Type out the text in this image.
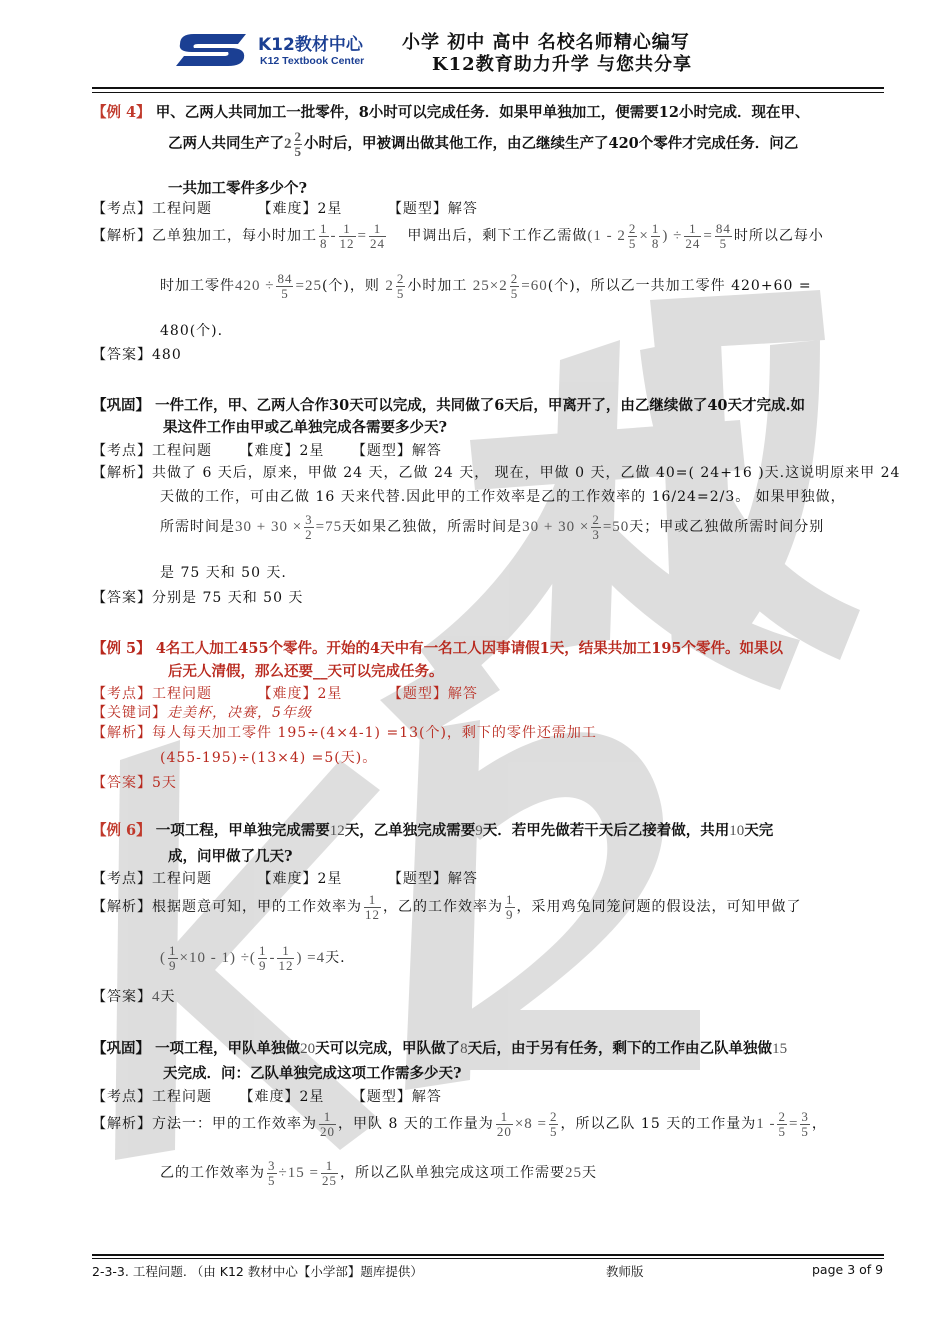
K12教材中心
K12 Textbook Center
小学 初中 高中 名校名师精心编写
K12教育助力升学 与您共分享
【例 4】 甲、乙两人共同加工一批零件，8小时可以完成任务．如果甲单独加工，便需要12小时完成．现在甲、
乙两人共同生产了$2 \frac{2}{5}$ 小时后，甲被调出做其他工作，由乙继续生产了420个零件才完成任务．问乙
一共加工零件多少个?
【考点】工程问题	【难度】2星	【题型】解答
【解析】乙单独加工，每小时加工 $\frac{1}{8} - \frac{1}{12} = \frac{1}{24}$ 甲调出后，剩下工作乙需做($1 - 2 \frac{2}{5} \times \frac{1}{8}$ ) ÷ $\frac{1}{24} = \frac{84}{5}$ 时所以乙每小
时加工零件$420 \div \frac{84}{5} =25$(个)，则 $2 \frac{2}{5}$ 小时加工 $25\times 2 \frac{2}{5} =60$(个)，所以乙一共加工零件 420+60 =
480(个).
【答案】480
【巩固】 一件工作，甲、乙两人合作30天可以完成，共同做了6天后，甲离开了，由乙继续做了40天才完成.如
果这件工作由甲或乙单独完成各需要多少天?
【考点】工程问题 【难度】2星 【题型】解答
【解析】共做了 6 天后，原来，甲做 24 天，乙做 24 天， 现在，甲做 0 天，乙做 40=( 24+16 )天.这说明原来甲 24
天做的工作，可由乙做 16 天来代替.因此甲的工作效率是乙的工作效率的 16/24=2/3。 如果甲独做，
所需时间是$30 + 30 \times \frac{3}{2} =75$天如果乙独做，所需时间是$30 + 30 \times \frac{2}{3} =50$天；甲或乙独做所需时间分别
是 75 天和 50 天.
【答案】分别是 75 天和 50 天
【例 5】 4名工人加工455个零件。开始的4天中有一名工人因事请假1天，结果共加工195个零件。如果以
后无人清假，那么还要__天可以完成任务。
【考点】工程问题	【难度】2星	【题型】解答
【关键词】走美杯，决赛，5年级
【解析】每人每天加工零件 195÷(4×4-1) =13(个)，剩下的零件还需加工
(455-195)÷(13×4) =5(天)。
【答案】5天
【例 6】 一项工程，甲单独完成需要12天，乙单独完成需要9天．若甲先做若干天后乙接着做，共用10天完
成，问甲做了几天?
【考点】工程问题	【难度】2星	【题型】解答
【解析】根据题意可知，甲的工作效率为 $\frac{1}{12}$ ，乙的工作效率为 $\frac{1}{9}$ ，采用鸡兔同笼问题的假设法，可知甲做了
( $\frac{1}{9} \times 10 - 1$) ÷( $\frac{1}{9} - \frac{1}{12}$ ) =4天.
【答案】4天
【巩固】 一项工程，甲队单独做20天可以完成，甲队做了8天后，由于另有任务，剩下的工作由乙队单独做15
天完成．问：乙队单独完成这项工作需多少天?
【考点】工程问题 【难度】2星 【题型】解答
【解析】方法一：甲的工作效率为 $\frac{1}{20}$ ，甲队 8 天的工作量为 $\frac{1}{20} \times 8 = \frac{2}{5}$ ，所以乙队 15 天的工作量为$1 - \frac{2}{5} = \frac{3}{5}$ ，
乙的工作效率为 $\frac{3}{5} \div 15 = \frac{1}{25}$ ，所以乙队单独完成这项工作需要25天
2-3-3. 工程问题. （由 K12 教材中心【小学部】题库提供）	教师版	page 3 of 9
